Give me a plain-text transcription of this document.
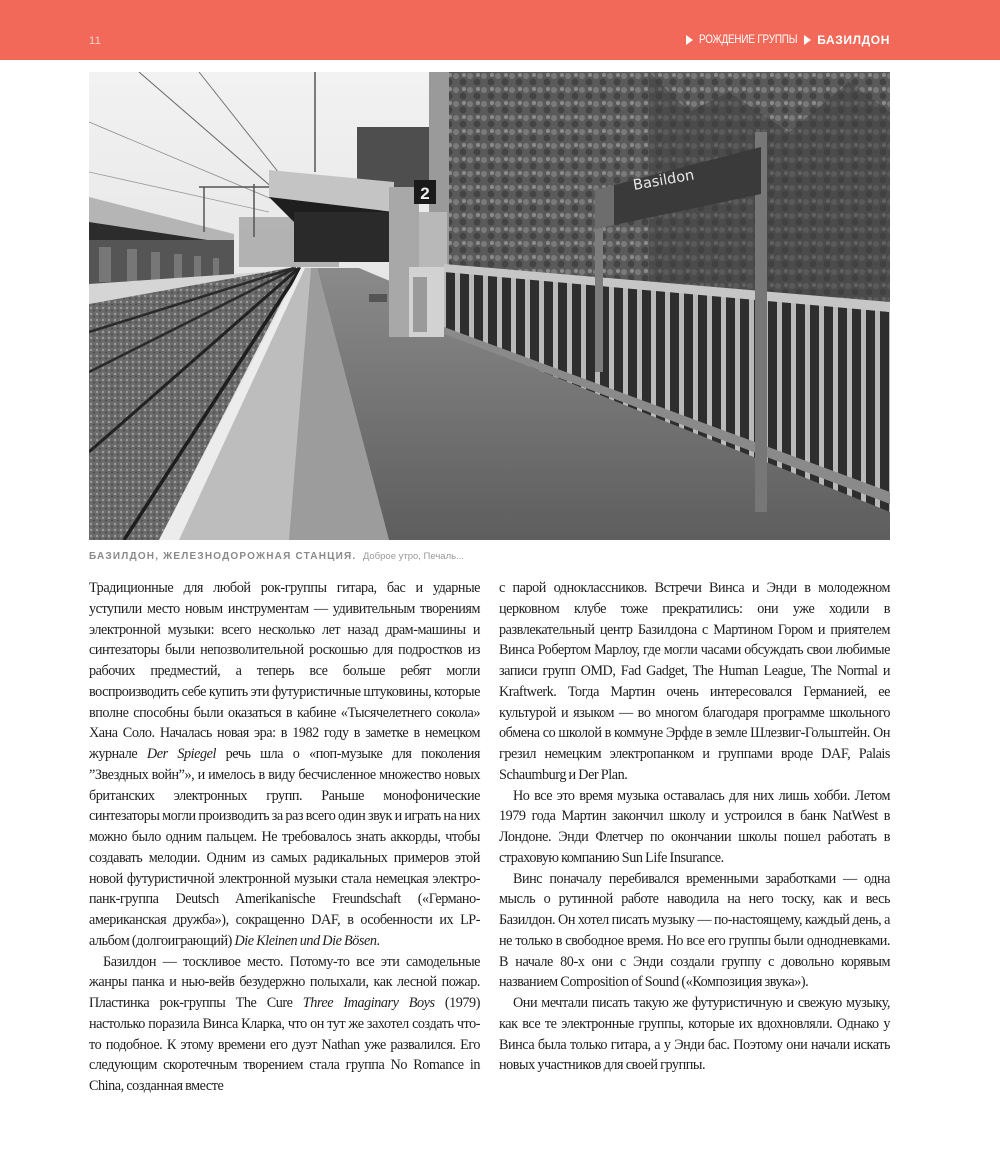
11	РОЖДЕНИЕ ГРУППЫ БАЗИЛДОН
2	Basildon
БАЗИЛДОН, ЖЕЛЕЗНОДОРОЖНАЯ СТАНЦИЯ. Доброе утро, Печаль...

Традиционные для любой рок-группы гитара, бас и ударные уступили место новым инструментам — удивительным творениям электронной музыки: всего несколько лет назад драм-машины и синтезаторы были непозволительной роскошью для подростков из рабочих предместий, а теперь все больше ребят могли воспроизводить себе купить эти футуристичные штуковины, которые вполне способны были оказаться в кабине «Тысячелетнего сокола» Хана Соло. Началась новая эра: в 1982 году в заметке в немецком журнале Der Spiegel речь шла о «поп-музыке для поколения ”Звездных войн”», и имелось в виду бесчисленное множество новых британских электронных групп. Раньше монофонические синтезаторы могли производить за раз всего один звук и играть на них можно было одним пальцем. Не требовалось знать аккорды, чтобы создавать мелодии. Одним из самых радикальных примеров этой новой футуристичной электронной музыки стала немецкая электро-панк-группа Deutsch Amerikanische Freundschaft («Германо-американская дружба»), сокращенно DAF, в особенности их LP-альбом (долгоиграющий) Die Kleinen und Die Bösen.

Базилдон — тоскливое место. Потому-то все эти самодельные жанры панка и нью-вейв безудержно полыхали, как лесной пожар. Пластинка рок-группы The Cure Three Imaginary Boys (1979) настолько поразила Винса Кларка, что он тут же захотел создать что-то подобное. К этому времени его дуэт Nathan уже развалился. Его следующим скоротечным творением стала группа No Romance in China, созданная вместе

с парой одноклассников. Встречи Винса и Энди в молодежном церковном клубе тоже прекратились: они уже ходили в развлекательный центр Базилдона с Мартином Гором и приятелем Винса Робертом Марлоу, где могли часами обсуждать свои любимые записи групп OMD, Fad Gadget, The Human League, The Normal и Kraftwerk. Тогда Мартин очень интересовался Германией, ее культурой и языком — во многом благодаря программе школьного обмена со школой в коммуне Эрфде в земле Шлезвиг-Гольштейн. Он грезил немецким электропанком и группами вроде DAF, Palais Schaumburg и Der Plan.

Но все это время музыка оставалась для них лишь хобби. Летом 1979 года Мартин закончил школу и устроился в банк NatWest в Лондоне. Энди Флетчер по окончании школы пошел работать в страховую компанию Sun Life Insurance.

Винс поначалу перебивался временными заработками — одна мысль о рутинной работе наводила на него тоску, как и весь Базилдон. Он хотел писать музыку — по-настоящему, каждый день, а не только в свободное время. Но все его группы были однодневками. В начале 80-х они с Энди создали группу с довольно корявым названием Composition of Sound («Композиция звука»).

Они мечтали писать такую же футуристичную и свежую музыку, как все те электронные группы, которые их вдохновляли. Однако у Винса была только гитара, а у Энди бас. Поэтому они начали искать новых участников для своей группы.
